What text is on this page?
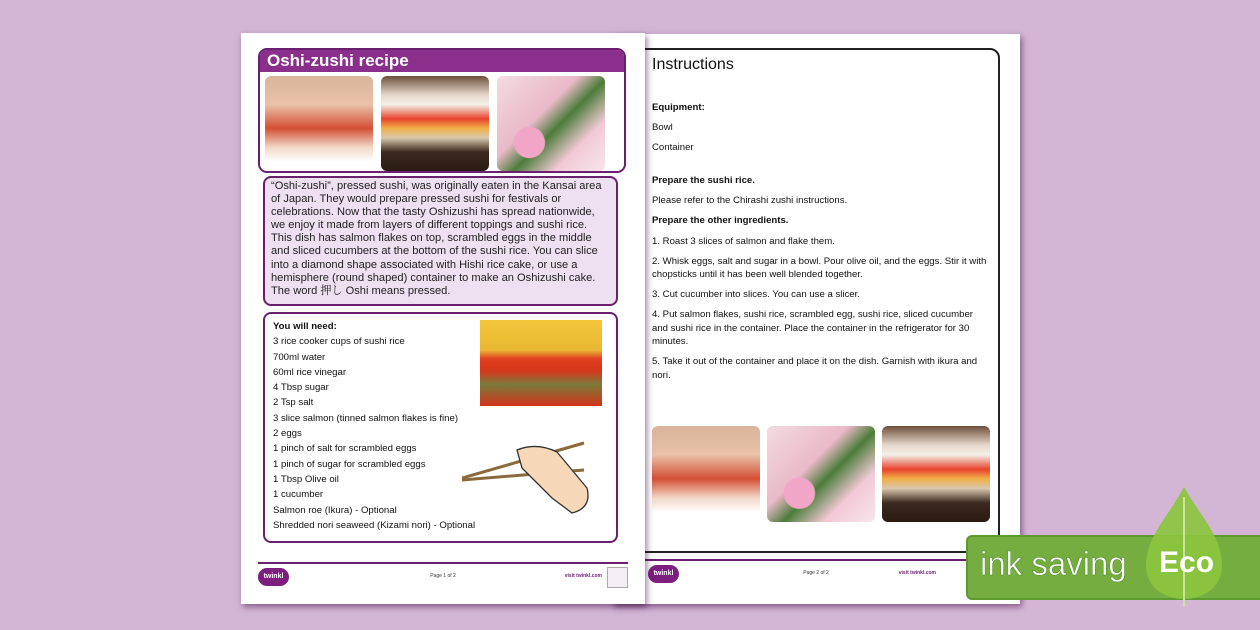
Instructions

Equipment:

Bowl

Container

Prepare the sushi rice.

Please refer to the Chirashi zushi instructions.

Prepare the other ingredients.

1. Roast 3 slices of salmon and flake them.

2. Whisk eggs, salt and sugar in a bowl. Pour olive oil, and the eggs. Stir it with chopsticks until it has been well blended together.

3. Cut cucumber into slices. You can use a slicer.

4. Put salmon flakes, sushi rice, scrambled egg, sushi rice, sliced cucumber and sushi rice in the container. Place the container in the refrigerator for 30 minutes.

5. Take it out of the container and place it on the dish. Garnish with ikura and nori.

twinkl	Page 2 of 2	visit twinkl.com
Oshi-zushi recipe
“Oshi-zushi”, pressed sushi, was originally eaten in the Kansai area of Japan. They would prepare pressed sushi for festivals or celebrations. Now that the tasty Oshizushi has spread nationwide, we enjoy it made from layers of different toppings and sushi rice. This dish has salmon flakes on top, scrambled eggs in the middle and sliced cucumbers at the bottom of the sushi rice. You can slice into a diamond shape associated with Hishi rice cake, or use a hemisphere (round shaped) container to make an Oshizushi cake. The word 押し Oshi means pressed.
You will need:
3 rice cooker cups of sushi rice
700ml water
60ml rice vinegar
4 Tbsp sugar
2 Tsp salt
3 slice salmon (tinned salmon flakes is fine)
2 eggs
1 pinch of salt for scrambled eggs
1 pinch of sugar for scrambled eggs
1 Tbsp Olive oil
1 cucumber
Salmon roe (Ikura) - Optional
Shredded nori seaweed (Kizami nori) - Optional
twinkl	Page 1 of 2	visit twinkl.com	ink saving Eco
